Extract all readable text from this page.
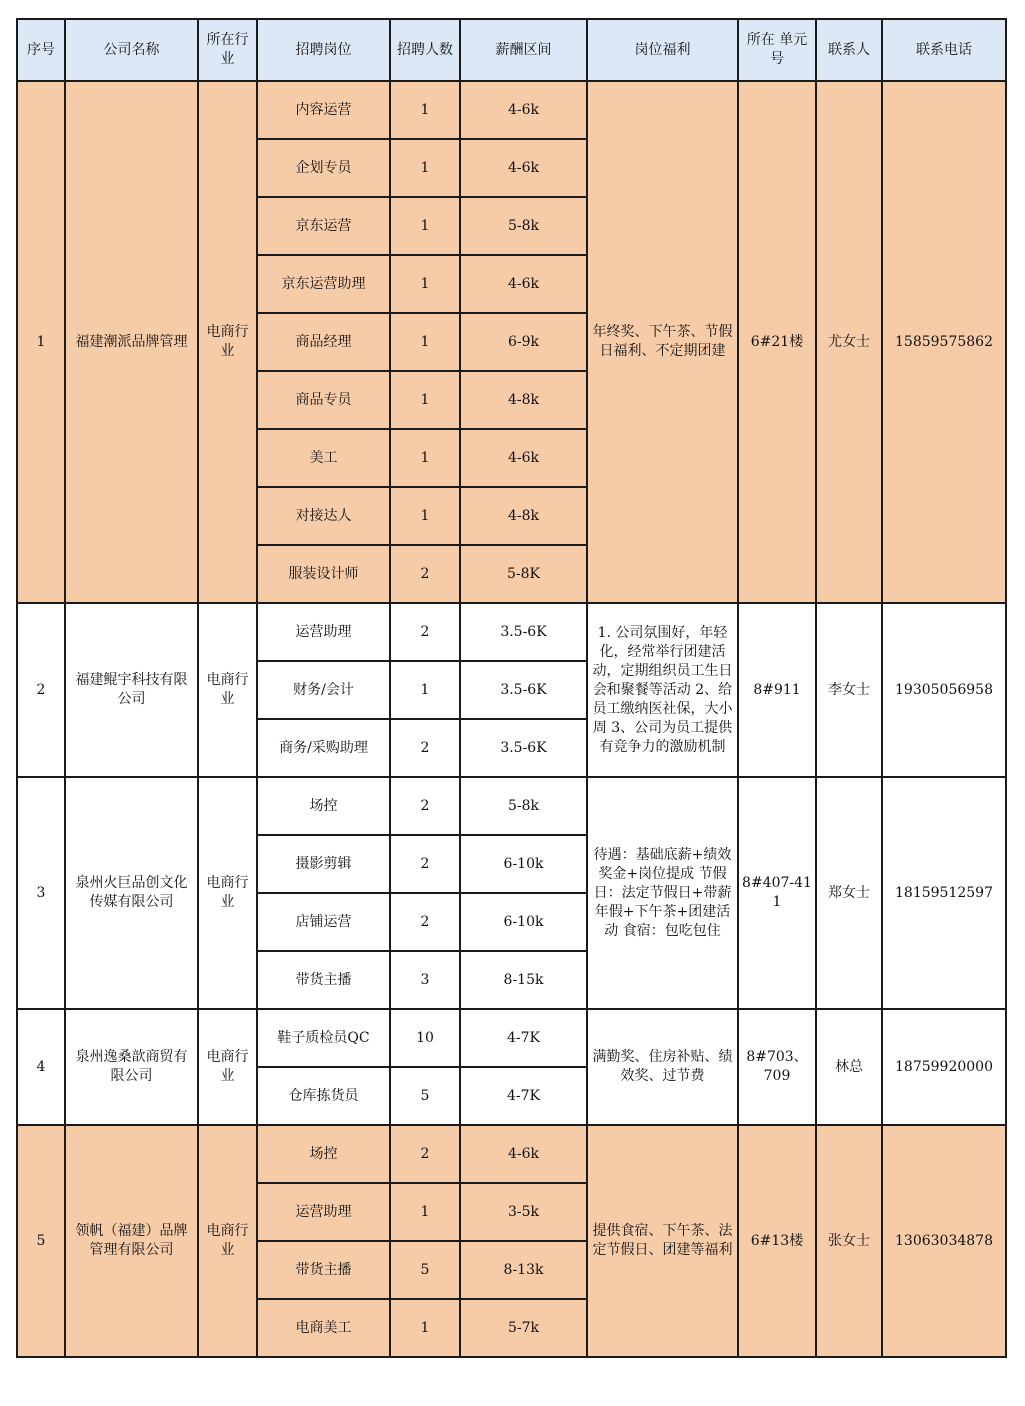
序号	公司名称	所在行业	招聘岗位	招聘人数	薪酬区间	岗位福利	所在 单元号	联系人	联系电话
1	福建潮派品牌管理	电商行业	内容运营	1	4-6k	年终奖、下午茶、节假日福利、不定期团建	6#21楼	尤女士	15859575862
			企划专员	1	4-6k				
			京东运营	1	5-8k				
			京东运营助理	1	4-6k				
			商品经理	1	6-9k				
			商品专员	1	4-8k				
			美工	1	4-6k				
			对接达人	1	4-8k				
			服装设计师	2	5-8K				
2	福建鲲宇科技有限公司	电商行业	运营助理	2	3.5-6K	1. 公司氛围好，年轻化，经常举行团建活动，定期组织员工生日会和聚餐等活动 2、给员工缴纳医社保，大小周 3、公司为员工提供有竞争力的激励机制	8#911	李女士	19305056958
			财务/会计	1	3.5-6K				
			商务/采购助理	2	3.5-6K				
3	泉州火巨品创文化传媒有限公司	电商行业	场控	2	5-8k	待遇：基础底薪+绩效奖金+岗位提成 节假日：法定节假日+带薪年假+下午茶+团建活动 食宿：包吃包住	8#407-411	郑女士	18159512597
			摄影剪辑	2	6-10k				
			店铺运营	2	6-10k				
			带货主播	3	8-15k				
4	泉州逸桑歆商贸有限公司	电商行业	鞋子质检员QC	10	4-7K	满勤奖、住房补贴、绩效奖、过节费	8#703、709	林总	18759920000
			仓库拣货员	5	4-7K				
5	领帆（福建）品牌管理有限公司	电商行业	场控	2	4-6k	提供食宿、下午茶、法定节假日、团建等福利	6#13楼	张女士	13063034878
			运营助理	1	3-5k				
			带货主播	5	8-13k				
			电商美工	1	5-7k				
